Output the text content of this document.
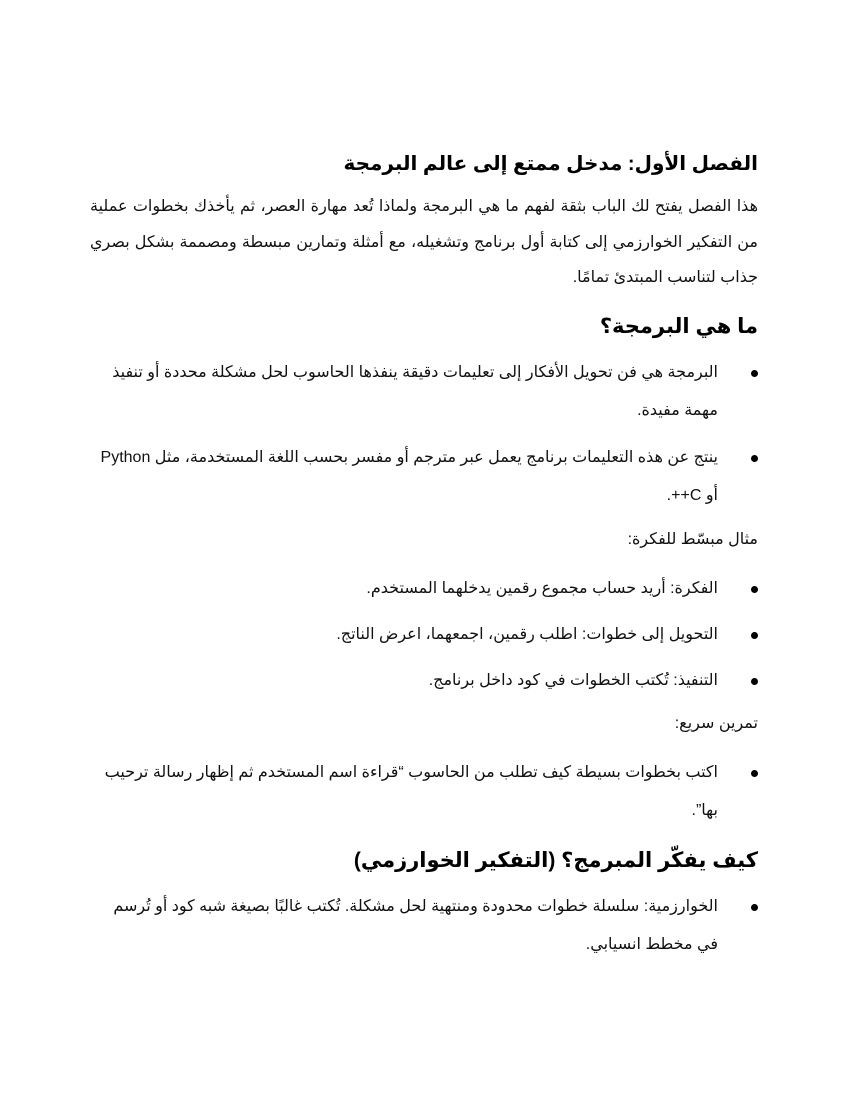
الفصل الأول: مدخل ممتع إلى عالم البرمجة

هذا الفصل يفتح لك الباب بثقة لفهم ما هي البرمجة ولماذا تُعد مهارة العصر، ثم يأخذك بخطوات عملية من التفكير الخوارزمي إلى كتابة أول برنامج وتشغيله، مع أمثلة وتمارين مبسطة ومصممة بشكل بصري جذاب لتناسب المبتدئ تمامًا.

ما هي البرمجة؟
البرمجة هي فن تحويل الأفكار إلى تعليمات دقيقة ينفذها الحاسوب لحل مشكلة محددة أو تنفيذ مهمة مفيدة.
ينتج عن هذه التعليمات برنامج يعمل عبر مترجم أو مفسر بحسب اللغة المستخدمة، مثل Python أو C++.

مثال مبسّط للفكرة:

الفكرة: أريد حساب مجموع رقمين يدخلهما المستخدم.
التحويل إلى خطوات: اطلب رقمين، اجمعهما، اعرض الناتج.
التنفيذ: تُكتب الخطوات في كود داخل برنامج.

تمرين سريع:

اكتب بخطوات بسيطة كيف تطلب من الحاسوب “قراءة اسم المستخدم ثم إظهار رسالة ترحيب بها”.
كيف يفكّر المبرمج؟ (التفكير الخوارزمي)
الخوارزمية: سلسلة خطوات محدودة ومنتهية لحل مشكلة. تُكتب غالبًا بصيغة شبه كود أو تُرسم في مخطط انسيابي.
